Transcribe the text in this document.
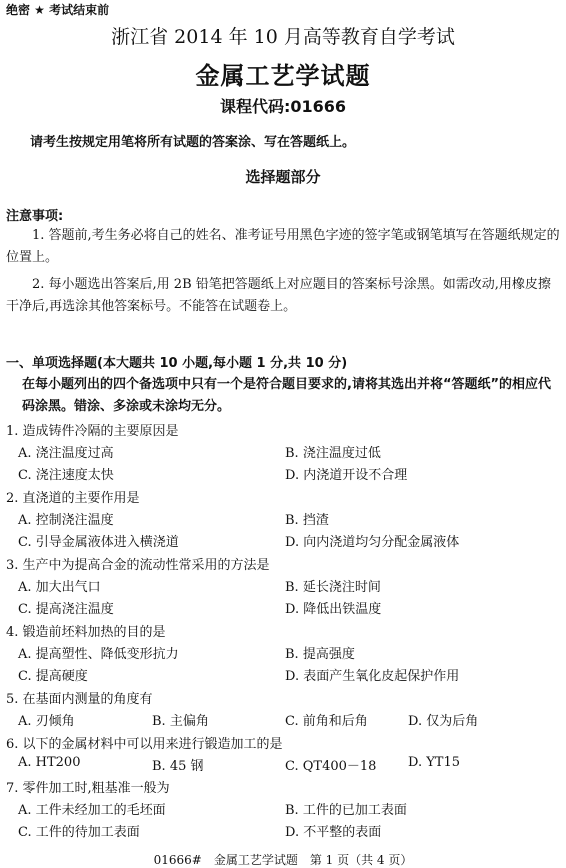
绝密 ★ 考试结束前
浙江省 2014 年 10 月高等教育自学考试
金属工艺学试题
课程代码:01666
请考生按规定用笔将所有试题的答案涂、写在答题纸上。
选择题部分
注意事项:
1. 答题前,考生务必将自己的姓名、准考证号用黑色字迹的签字笔或钢笔填写在答题纸规定的位置上。
2. 每小题选出答案后,用 2B 铅笔把答题纸上对应题目的答案标号涂黑。如需改动,用橡皮擦干净后,再选涂其他答案标号。不能答在试题卷上。
一、单项选择题(本大题共 10 小题,每小题 1 分,共 10 分)
在每小题列出的四个备选项中只有一个是符合题目要求的,请将其选出并将“答题纸”的相应代码涂黑。错涂、多涂或未涂均无分。
1. 造成铸件冷隔的主要原因是
A. 浇注温度过高	B. 浇注温度过低
C. 浇注速度太快	D. 内浇道开设不合理
2. 直浇道的主要作用是
A. 控制浇注温度	B. 挡渣
C. 引导金属液体进入横浇道	D. 向内浇道均匀分配金属液体
3. 生产中为提高合金的流动性常采用的方法是
A. 加大出气口	B. 延长浇注时间
C. 提高浇注温度	D. 降低出铁温度
4. 锻造前坯料加热的目的是
A. 提高塑性、降低变形抗力	B. 提高强度
C. 提高硬度	D. 表面产生氧化皮起保护作用
5. 在基面内测量的角度有
A. 刃倾角	B. 主偏角	C. 前角和后角	D. 仅为后角
6. 以下的金属材料中可以用来进行锻造加工的是
A. HT200	B. 45 钢	C. QT400－18 D. YT15
7. 零件加工时,粗基准一般为
A. 工件未经加工的毛坯面	B. 工件的已加工表面
C. 工件的待加工表面	D. 不平整的表面
01666#　金属工艺学试题　第 1 页（共 4 页）
